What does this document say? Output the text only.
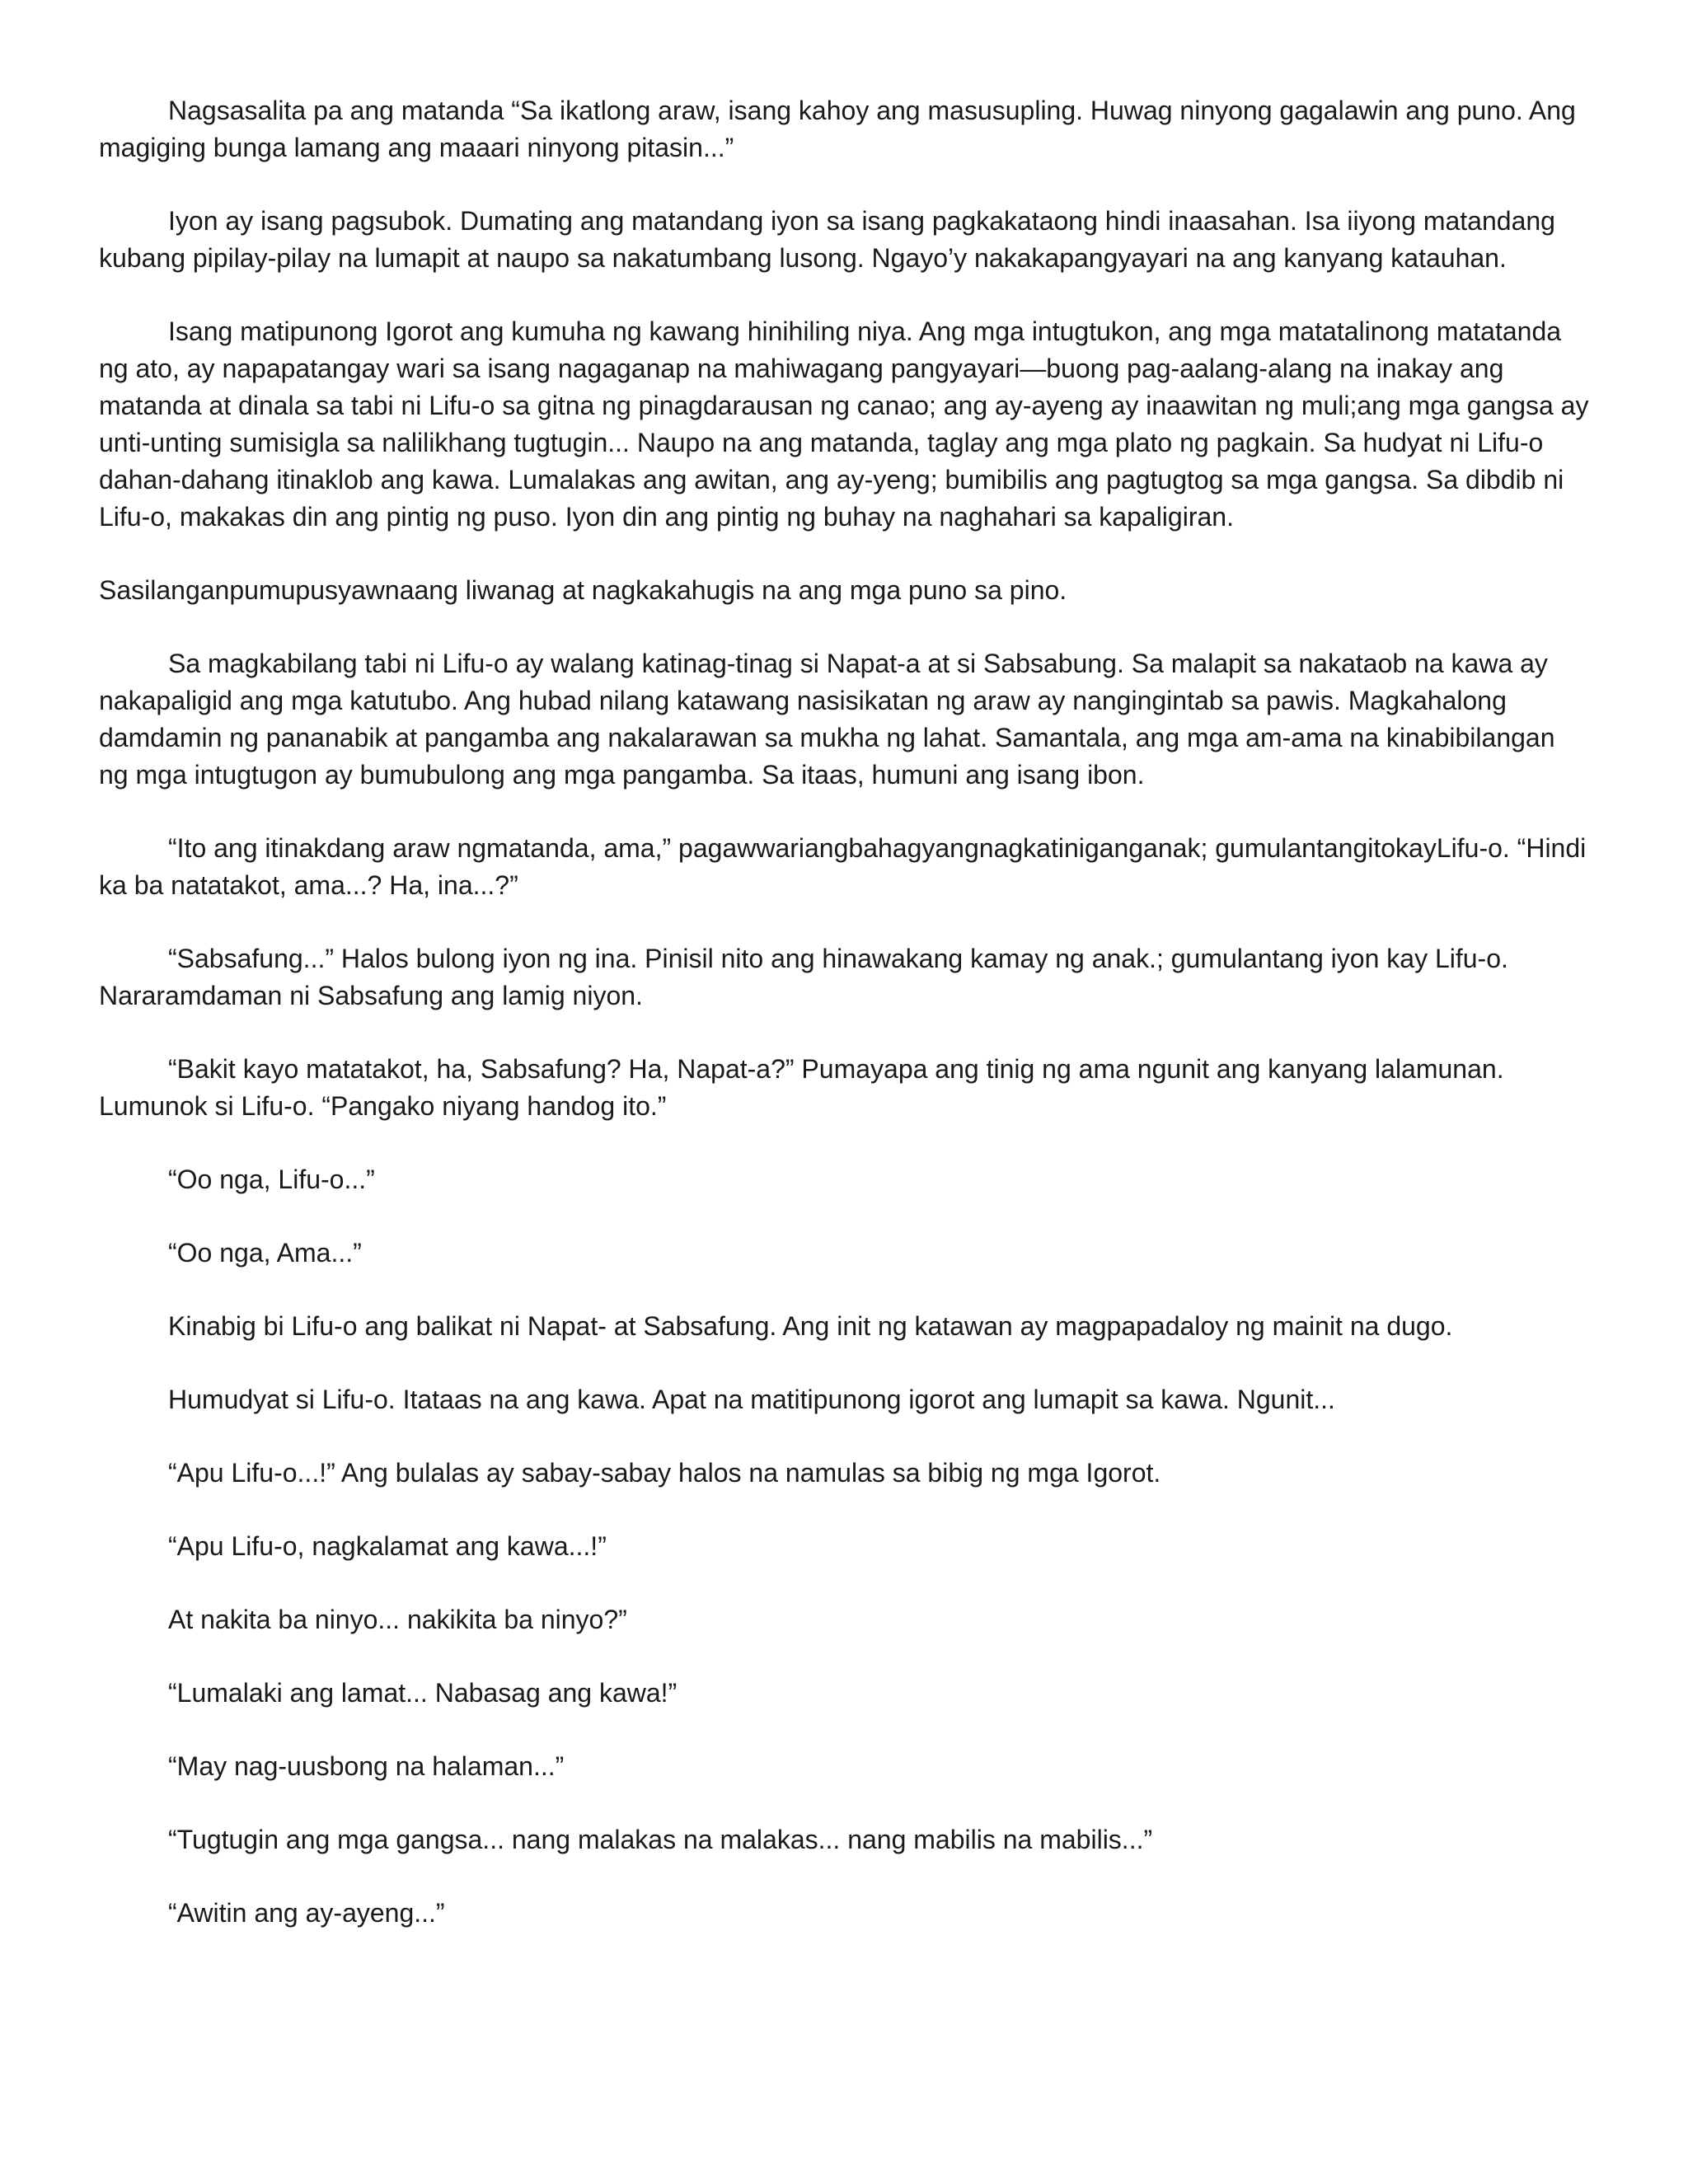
Nagsasalita pa ang matanda “Sa ikatlong araw, isang kahoy ang masusupling. Huwag ninyong gagalawin ang puno. Ang magiging bunga lamang ang maaari ninyong pitasin...”

Iyon ay isang pagsubok. Dumating ang matandang iyon sa isang pagkakataong hindi inaasahan. Isa iiyong matandang kubang pipilay-pilay na lumapit at naupo sa nakatumbang lusong. Ngayo’y nakakapangyayari na ang kanyang katauhan.

Isang matipunong Igorot ang kumuha ng kawang hinihiling niya. Ang mga intugtukon, ang mga matatalinong matatanda ng ato, ay napapatangay wari sa isang nagaganap na mahiwagang pangyayari—buong pag-aalang-alang na inakay ang matanda at dinala sa tabi ni Lifu-o sa gitna ng pinagdarausan ng canao; ang ay-ayeng ay inaawitan ng muli;ang mga gangsa ay unti-unting sumisigla sa nalilikhang tugtugin... Naupo na ang matanda, taglay ang mga plato ng pagkain. Sa hudyat ni Lifu-o dahan-dahang itinaklob ang kawa. Lumalakas ang awitan, ang ay-yeng; bumibilis ang pagtugtog sa mga gangsa. Sa dibdib ni Lifu-o, makakas din ang pintig ng puso. Iyon din ang pintig ng buhay na naghahari sa kapaligiran.

Sasilanganpumupusyawnaang liwanag at nagkakahugis na ang mga puno sa pino.

Sa magkabilang tabi ni Lifu-o ay walang katinag-tinag si Napat-a at si Sabsabung. Sa malapit sa nakataob na kawa ay nakapaligid ang mga katutubo. Ang hubad nilang katawang nasisikatan ng araw ay nangingintab sa pawis. Magkahalong damdamin ng pananabik at pangamba ang nakalarawan sa mukha ng lahat. Samantala, ang mga am-ama na kinabibilangan ng mga intugtugon ay bumubulong ang mga pangamba. Sa itaas, humuni ang isang ibon.

“Ito ang itinakdang araw ngmatanda, ama,” pagawwariangbahagyangnagkatiniganganak; gumulantangitokayLifu-o. “Hindi ka ba natatakot, ama...? Ha, ina...?”

“Sabsafung...” Halos bulong iyon ng ina. Pinisil nito ang hinawakang kamay ng anak.; gumulantang iyon kay Lifu-o. Nararamdaman ni Sabsafung ang lamig niyon.

“Bakit kayo matatakot, ha, Sabsafung? Ha, Napat-a?” Pumayapa ang tinig ng ama ngunit ang kanyang lalamunan. Lumunok si Lifu-o. “Pangako niyang handog ito.”

“Oo nga, Lifu-o...”

“Oo nga, Ama...”

Kinabig bi Lifu-o ang balikat ni Napat- at Sabsafung. Ang init ng katawan ay magpapadaloy ng mainit na dugo.

Humudyat si Lifu-o. Itataas na ang kawa. Apat na matitipunong igorot ang lumapit sa kawa. Ngunit...

“Apu Lifu-o...!” Ang bulalas ay sabay-sabay halos na namulas sa bibig ng mga Igorot.

“Apu Lifu-o, nagkalamat ang kawa...!”

At nakita ba ninyo... nakikita ba ninyo?”

“Lumalaki ang lamat... Nabasag ang kawa!”

“May nag-uusbong na halaman...”

“Tugtugin ang mga gangsa... nang malakas na malakas... nang mabilis na mabilis...”

“Awitin ang ay-ayeng...”
